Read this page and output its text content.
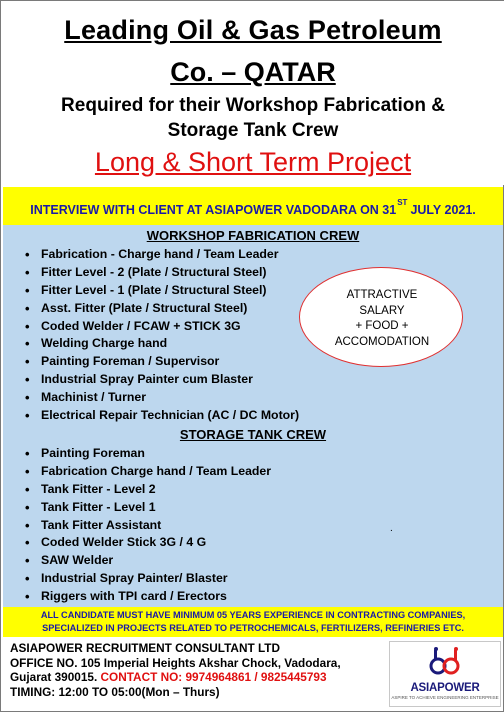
Leading Oil & Gas Petroleum
Co. – QATAR
Required for their Workshop Fabrication &
Storage Tank Crew
Long & Short Term Project
INTERVIEW WITH CLIENT AT ASIAPOWER VADODARA ON 31STJULY 2021.
WORKSHOP FABRICATION CREW
• Fabrication - Charge hand / Team Leader
• Fitter Level - 2 (Plate / Structural Steel)
• Fitter Level - 1 (Plate / Structural Steel)
• Asst. Fitter (Plate / Structural Steel)
• Coded Welder / FCAW + STICK 3G
• Welding Charge hand
• Painting Foreman / Supervisor
• Industrial Spray Painter cum Blaster
• Machinist / Turner
• Electrical Repair Technician (AC / DC Motor)
ATTRACTIVE
SALARY
+ FOOD +
ACCOMODATION
STORAGE TANK CREW
• Painting Foreman
• Fabrication Charge hand / Team Leader
• Tank Fitter - Level 2
• Tank Fitter - Level 1
• Tank Fitter Assistant
• Coded Welder Stick 3G / 4 G
• SAW Welder
• Industrial Spray Painter/ Blaster
• Riggers with TPI card / Erectors
.
ALL CANDIDATE MUST HAVE MINIMUM 05 YEARS EXPERIENCE IN CONTRACTING COMPANIES,
SPECIALIZED IN PROJECTS RELATED TO PETROCHEMICALS, FERTILIZERS, REFINERIES ETC.
ASIAPOWER RECRUITMENT CONSULTANT LTD
OFFICE NO. 105 Imperial Heights Akshar Chock, Vadodara,
Gujarat 390015. CONTACT NO: 9974964861 / 9825445793
TIMING: 12:00 TO 05:00(Mon – Thurs)	ASIAPOWER
ASPIRE TO ACHIEVE ENGINEERING ENTERPRISE
